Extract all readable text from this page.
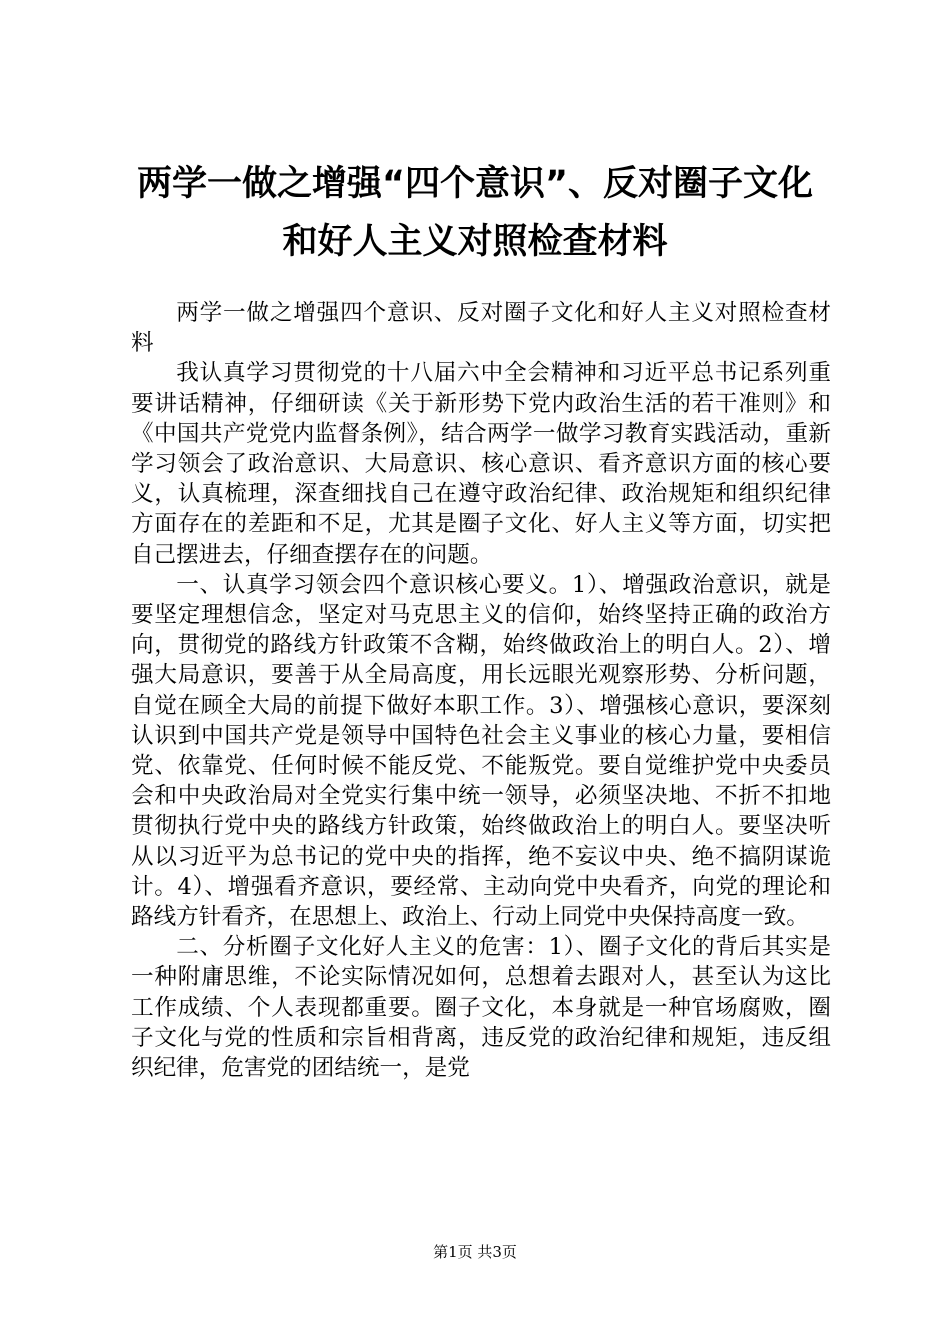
两学一做之增强“四个意识”、反对圈子文化
和好人主义对照检查材料

两学一做之增强四个意识、反对圈子文化和好人主义对照检查材料

我认真学习贯彻党的十八届六中全会精神和习近平总书记系列重要讲话精神，仔细研读《关于新形势下党内政治生活的若干准则》和《中国共产党党内监督条例》，结合两学一做学习教育实践活动，重新学习领会了政治意识、大局意识、核心意识、看齐意识方面的核心要义，认真梳理，深查细找自己在遵守政治纪律、政治规矩和组织纪律方面存在的差距和不足，尤其是圈子文化、好人主义等方面，切实把自己摆进去，仔细查摆存在的问题。

一、认真学习领会四个意识核心要义。1）、增强政治意识，就是要坚定理想信念，坚定对马克思主义的信仰，始终坚持正确的政治方向，贯彻党的路线方针政策不含糊，始终做政治上的明白人。2）、增强大局意识，要善于从全局高度，用长远眼光观察形势、分析问题，自觉在顾全大局的前提下做好本职工作。3）、增强核心意识，要深刻认识到中国共产党是领导中国特色社会主义事业的核心力量，要相信党、依靠党、任何时候不能反党、不能叛党。要自觉维护党中央委员会和中央政治局对全党实行集中统一领导，必须坚决地、不折不扣地贯彻执行党中央的路线方针政策，始终做政治上的明白人。要坚决听从以习近平为总书记的党中央的指挥，绝不妄议中央、绝不搞阴谋诡计。4）、增强看齐意识，要经常、主动向党中央看齐，向党的理论和路线方针看齐，在思想上、政治上、行动上同党中央保持高度一致。

二、分析圈子文化好人主义的危害：1）、圈子文化的背后其实是一种附庸思维，不论实际情况如何，总想着去跟对人，甚至认为这比工作成绩、个人表现都重要。圈子文化，本身就是一种官场腐败，圈子文化与党的性质和宗旨相背离，违反党的政治纪律和规矩，违反组织纪律，危害党的团结统一，是党

第1页 共3页
